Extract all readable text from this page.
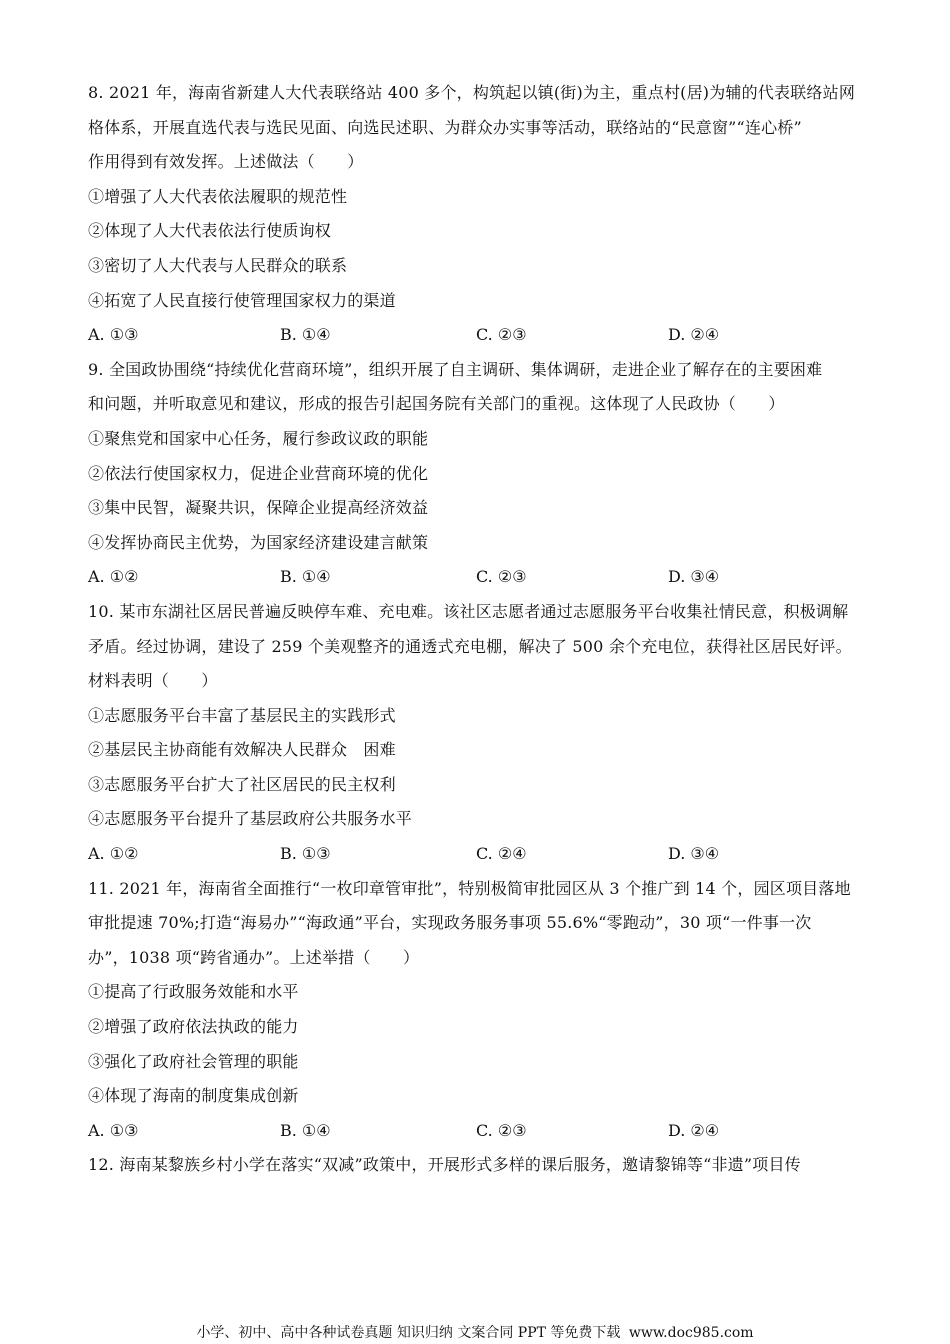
8. 2021 年，海南省新建人大代表联络站 400 多个，构筑起以镇(街)为主，重点村(居)为辅的代表联络站网
格体系，开展直选代表与选民见面、向选民述职、为群众办实事等活动，联络站的“民意窗”“连心桥”
作用得到有效发挥。上述做法（　　）
①增强了人大代表依法履职的规范性
②体现了人大代表依法行使质询权
③密切了人大代表与人民群众的联系
④拓宽了人民直接行使管理国家权力的渠道
A. ①③	B. ①④	C. ②③	D. ②④
9. 全国政协围绕“持续优化营商环境”，组织开展了自主调研、集体调研，走进企业了解存在的主要困难
和问题，并听取意见和建议，形成的报告引起国务院有关部门的重视。这体现了人民政协（　　）
①聚焦党和国家中心任务，履行参政议政的职能
②依法行使国家权力，促进企业营商环境的优化
③集中民智，凝聚共识，保障企业提高经济效益
④发挥协商民主优势，为国家经济建设建言献策
A. ①②	B. ①④	C. ②③	D. ③④
10. 某市东湖社区居民普遍反映停车难、充电难。该社区志愿者通过志愿服务平台收集社情民意，积极调解
矛盾。经过协调，建设了 259 个美观整齐的通透式充电棚，解决了 500 余个充电位，获得社区居民好评。
材料表明（　　）
①志愿服务平台丰富了基层民主的实践形式
②基层民主协商能有效解决人民群众　困难
③志愿服务平台扩大了社区居民的民主权利
④志愿服务平台提升了基层政府公共服务水平
A. ①②	B. ①③	C. ②④	D. ③④
11. 2021 年，海南省全面推行“一枚印章管审批”，特别极简审批园区从 3 个推广到 14 个，园区项目落地
审批提速 70%;打造“海易办”“海政通”平台，实现政务服务事项 55.6%“零跑动”，30 项“一件事一次
办”，1038 项“跨省通办”。上述举措（　　）
①提高了行政服务效能和水平
②增强了政府依法执政的能力
③强化了政府社会管理的职能
④体现了海南的制度集成创新
A. ①③	B. ①④	C. ②③	D. ②④
12. 海南某黎族乡村小学在落实“双减”政策中，开展形式多样的课后服务，邀请黎锦等“非遗”项目传
小学、初中、高中各种试卷真题 知识归纳 文案合同 PPT 等免费下载 www.doc985.com
